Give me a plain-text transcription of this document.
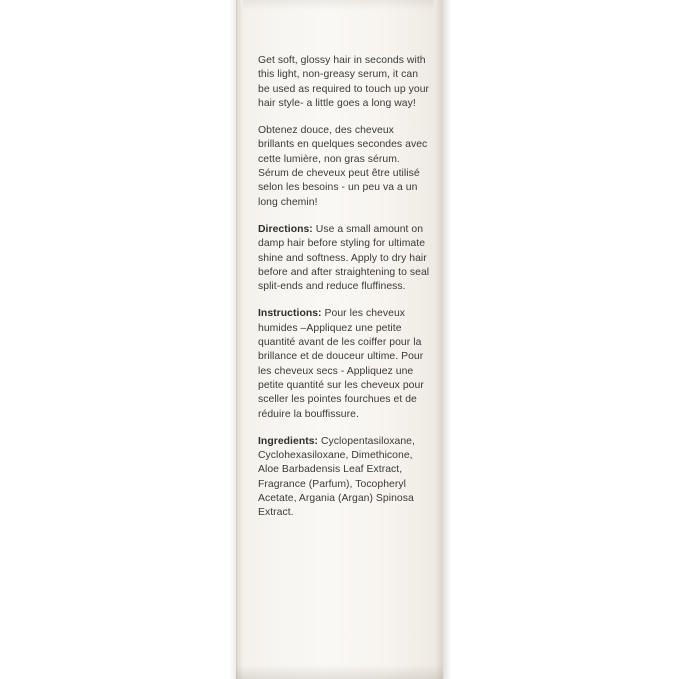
Get soft, glossy hair in seconds with this light, non-greasy serum, it can be used as required to touch up your hair style- a little goes a long way!

Obtenez douce, des cheveux brillants en quelques secondes avec cette lumière, non gras sérum.  Sérum de cheveux peut être utilisé selon les besoins - un peu va a un long chemin!

Directions: Use a small amount on damp hair before styling for ultimate shine and softness. Apply to dry hair before and after straightening to seal split-ends and reduce fluffiness.

Instructions: Pour les cheveux humides –Appliquez une petite quantité avant de les coiffer pour la brillance et de douceur ultime. Pour les cheveux secs - Appliquez une petite quantité sur les cheveux pour sceller les pointes fourchues et de réduire la bouffissure.

Ingredients: Cyclopentasiloxane, Cyclohexasiloxane, Dimethicone, Aloe Barbadensis Leaf Extract, Fragrance (Parfum), Tocopheryl Acetate, Argania (Argan) Spinosa Extract.
